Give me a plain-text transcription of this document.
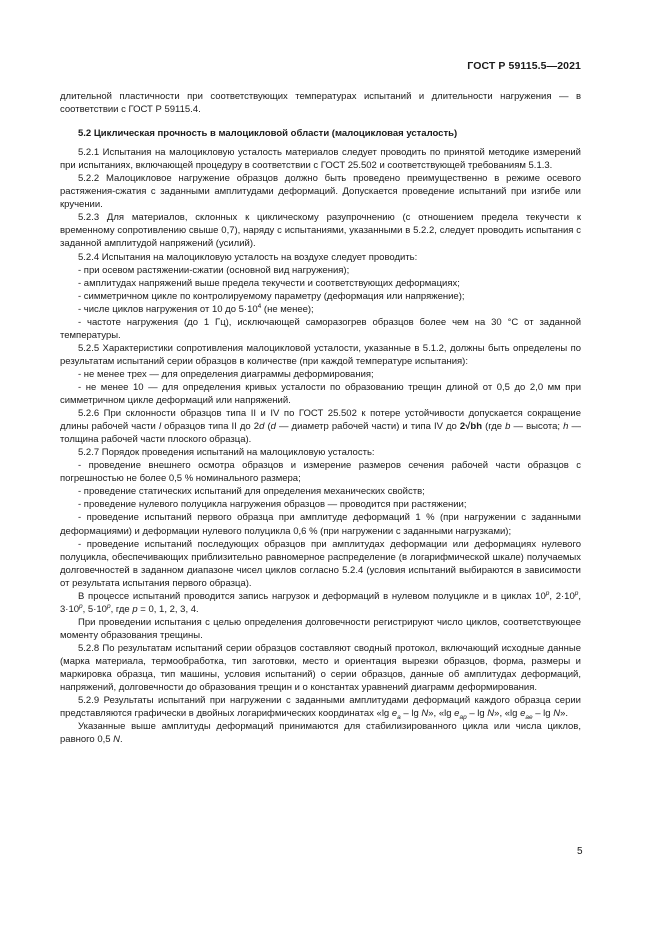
ГОСТ Р 59115.5—2021

длительной пластичности при соответствующих температурах испытаний и длительности нагружения — в соответствии с ГОСТ Р 59115.4.

5.2 Циклическая прочность в малоцикловой области (малоцикловая усталость)

5.2.1 Испытания на малоцикловую усталость материалов следует проводить по принятой методике измерений при испытаниях, включающей процедуру в соответствии с ГОСТ 25.502 и соответствующей требованиям 5.1.3.

5.2.2 Малоцикловое нагружение образцов должно быть проведено преимущественно в режиме осевого растяжения-сжатия с заданными амплитудами деформаций. Допускается проведение испытаний при изгибе или кручении.

5.2.3 Для материалов, склонных к циклическому разупрочнению (с отношением предела текучести к временному сопротивлению свыше 0,7), наряду с испытаниями, указанными в 5.2.2, следует проводить испытания с заданной амплитудой напряжений (усилий).

5.2.4 Испытания на малоцикловую усталость на воздухе следует проводить:

- при осевом растяжении-сжатии (основной вид нагружения);

- амплитудах напряжений выше предела текучести и соответствующих деформациях;

- симметричном цикле по контролируемому параметру (деформация или напряжение);

- числе циклов нагружения от 10 до $5\cdot 10^4$ (не менее);

- частоте нагружения (до 1 Гц), исключающей саморазогрев образцов более чем на 30 °С от заданной температуры.

5.2.5 Характеристики сопротивления малоцикловой усталости, указанные в 5.1.2, должны быть определены по результатам испытаний серии образцов в количестве (при каждой температуре испытания):

- не менее трех — для определения диаграммы деформирования;

- не менее 10 — для определения кривых усталости по образованию трещин длиной от 0,5 до 2,0 мм при симметричном цикле деформаций или напряжений.

5.2.6 При склонности образцов типа II и IV по ГОСТ 25.502 к потере устойчивости допускается сокращение длины рабочей части l образцов типа II до 2d (d — диаметр рабочей части) и типа IV до 2√bh (где b — высота; h — толщина рабочей части плоского образца).

5.2.7 Порядок проведения испытаний на малоцикловую усталость:

- проведение внешнего осмотра образцов и измерение размеров сечения рабочей части образцов с погрешностью не более 0,5 % номинального размера;

- проведение статических испытаний для определения механических свойств;

- проведение нулевого полуцикла нагружения образцов — проводится при растяжении;

- проведение испытаний первого образца при амплитуде деформаций 1 % (при нагружении с заданными деформациями) и деформации нулевого полуцикла 0,6 % (при нагружении с заданными нагрузками);

- проведение испытаний последующих образцов при амплитудах деформации или деформациях нулевого полуцикла, обеспечивающих приблизительно равномерное распределение (в логарифмической шкале) получаемых долговечностей в заданном диапазоне чисел циклов согласно 5.2.4 (условия испытаний выбираются в зависимости от результата испытания первого образца).

В процессе испытаний проводится запись нагрузок и деформаций в нулевом полуцикле и в циклах 10$^p$, $2\cdot 10^p$, $3\cdot 10^p$, $5\cdot 10^p$, где p = 0, 1, 2, 3, 4.

При проведении испытания с целью определения долговечности регистрируют число циклов, соответствующее моменту образования трещины.

5.2.8 По результатам испытаний серии образцов составляют сводный протокол, включающий исходные данные (марка материала, термообработка, тип заготовки, место и ориентация вырезки образцов, форма, размеры и маркировка образца, тип машины, условия испытаний) о серии образцов, данные об амплитудах деформаций, напряжений, долговечности до образования трещин и о константах уравнений диаграмм деформирования.

5.2.9 Результаты испытаний при нагружении с заданными амплитудами деформаций каждого образца серии представляются графически в двойных логарифмических координатах «lg $e_a$ – lg N», «lg $e_{ap}$ – lg N», «lg $e_{ae}$ – lg N».

Указанные выше амплитуды деформаций принимаются для стабилизированного цикла или числа циклов, равного 0,5 N.

5
